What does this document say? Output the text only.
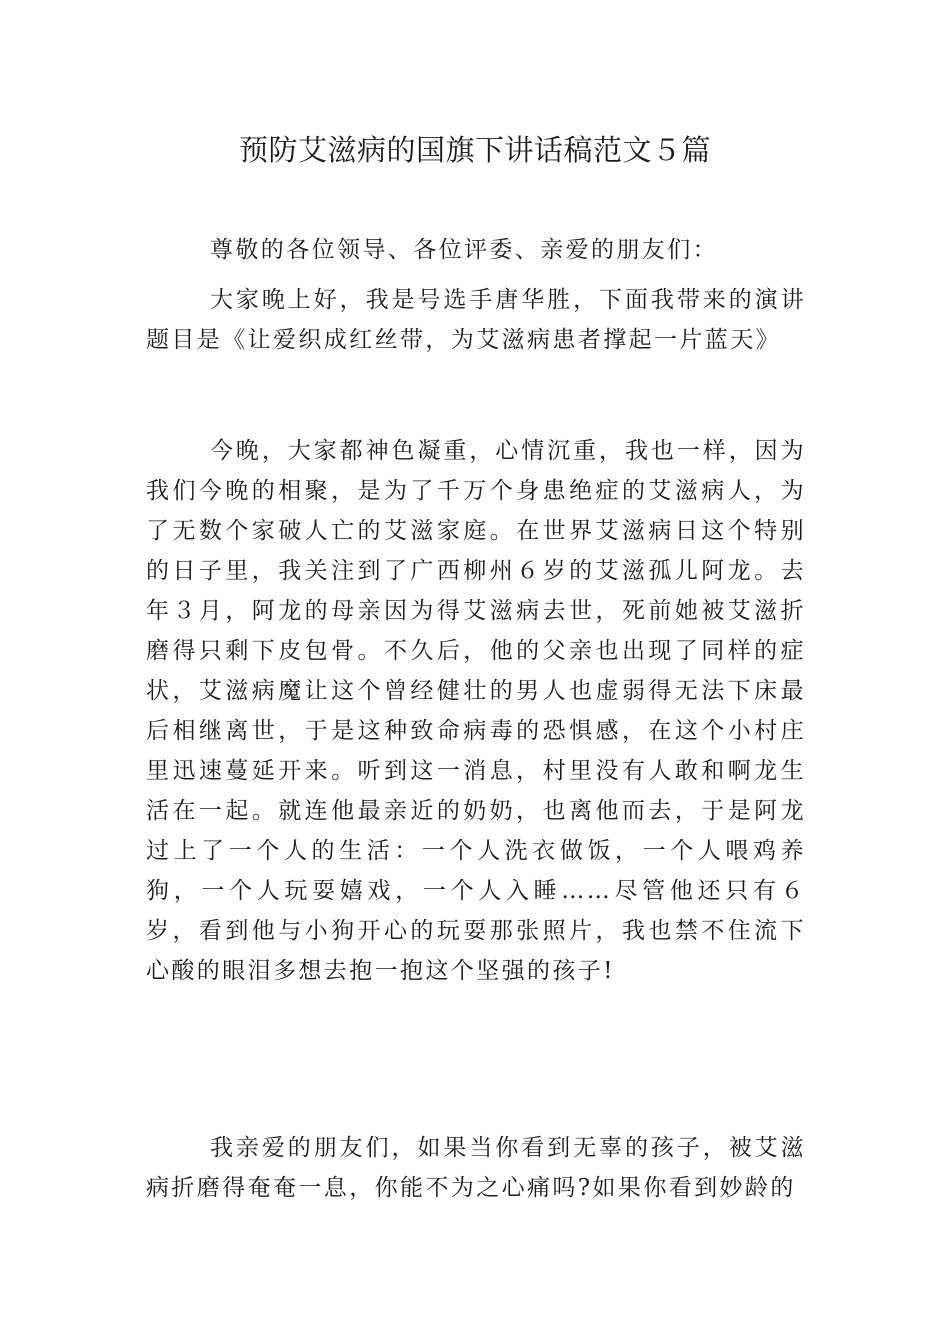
预防艾滋病的国旗下讲话稿范文５篇

尊敬的各位领导、各位评委、亲爱的朋友们：

大家晚上好，我是号选手唐华胜，下面我带来的演讲题目是《让爱织成红丝带，为艾滋病患者撑起一片蓝天》

今晚，大家都神色凝重，心情沉重，我也一样，因为我们今晚的相聚，是为了千万个身患绝症的艾滋病人，为了无数个家破人亡的艾滋家庭。在世界艾滋病日这个特别的日子里，我关注到了广西柳州６岁的艾滋孤儿阿龙。去年３月，阿龙的母亲因为得艾滋病去世，死前她被艾滋折磨得只剩下皮包骨。不久后，他的父亲也出现了同样的症状，艾滋病魔让这个曾经健壮的男人也虚弱得无法下床最后相继离世，于是这种致命病毒的恐惧感，在这个小村庄里迅速蔓延开来。听到这一消息，村里没有人敢和啊龙生活在一起。就连他最亲近的奶奶，也离他而去，于是阿龙过上了一个人的生活：一个人洗衣做饭，一个人喂鸡养狗，一个人玩耍嬉戏，一个人入睡……尽管他还只有６岁，看到他与小狗开心的玩耍那张照片，我也禁不住流下心酸的眼泪多想去抱一抱这个坚强的孩子!

我亲爱的朋友们，如果当你看到无辜的孩子，被艾滋病折磨得奄奄一息，你能不为之心痛吗?如果你看到妙龄的
